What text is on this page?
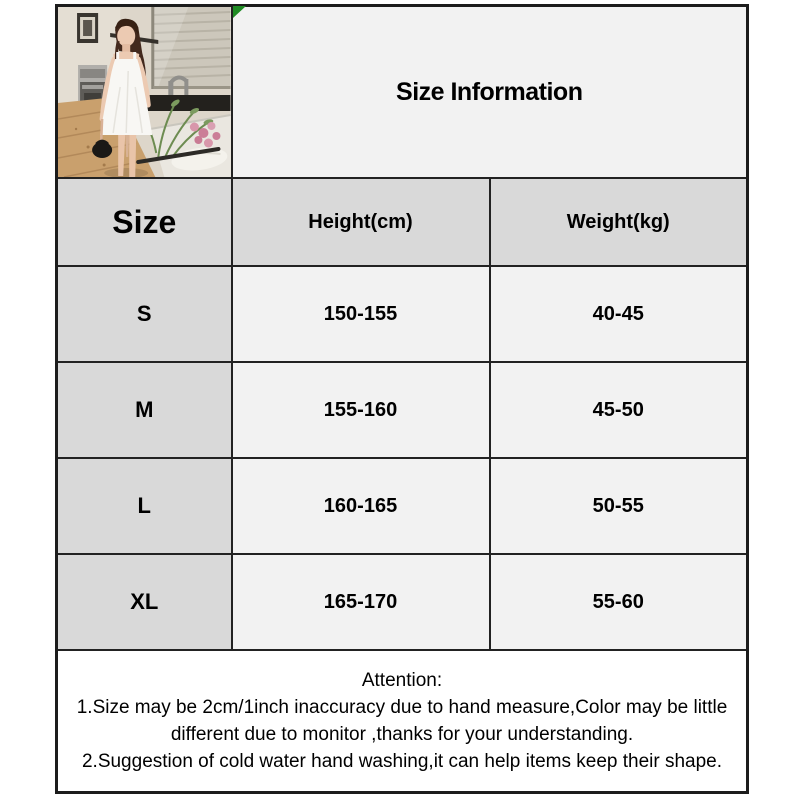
	Size Information	
Size	Height(cm)	Weight(kg)
S	150-155	40-45
M	155-160	45-50
L	160-165	50-55
XL	165-170	55-60

Attention:
1.Size may be 2cm/1inch inaccuracy due to hand measure,Color may be little different due to monitor ,thanks for your understanding.
2.Suggestion of cold water hand washing,it can help items keep their shape.		
